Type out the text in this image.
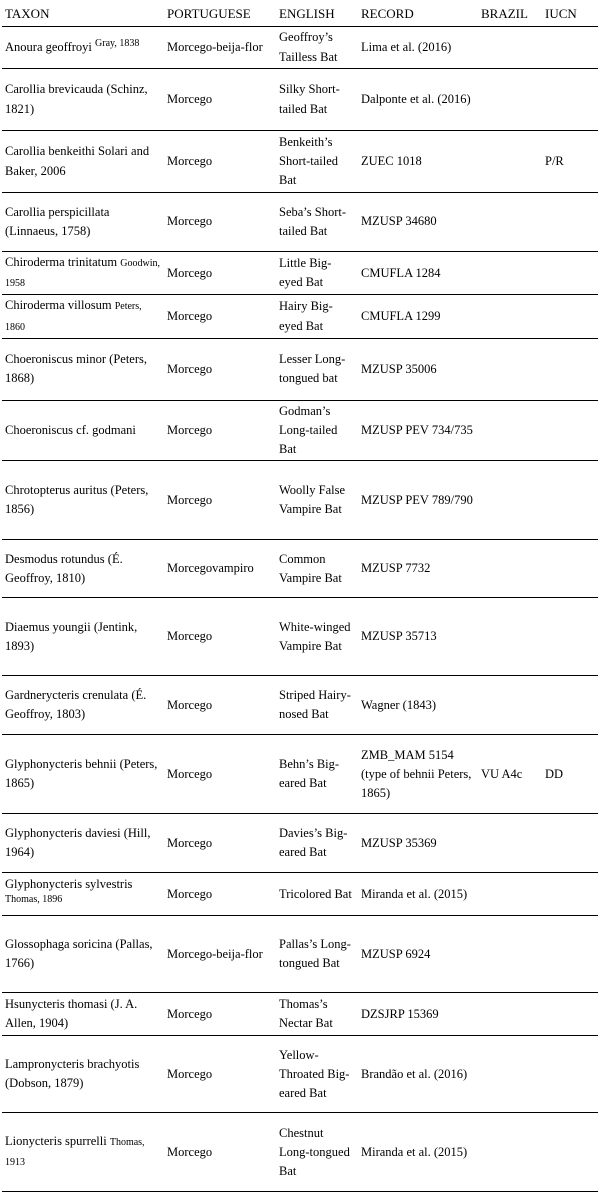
TAXON	PORTUGUESE	ENGLISH	RECORD	BRAZIL	IUCN
Anoura geoffroyi $^{Gray, 1838}$	Morcego-beija-flor	Geoffroy’s Tailless Bat	Lima et al. (2016)		
Carollia brevicauda (Schinz, 1821)	Morcego	Silky Short-tailed Bat	Dalponte et al. (2016)		
Carollia benkeithi Solari and Baker, 2006	Morcego	Benkeith’s Short-tailed Bat	ZUEC 1018		P/R
Carollia perspicillata (Linnaeus, 1758)	Morcego	Seba’s Short-tailed Bat	MZUSP 34680		
Chiroderma trinitatum Goodwin, 1958	Morcego	Little Big-eyed Bat	CMUFLA 1284		
Chiroderma villosum Peters, 1860	Morcego	Hairy Big-eyed Bat	CMUFLA 1299		
Choeroniscus minor (Peters, 1868)	Morcego	Lesser Long-tongued bat	MZUSP 35006		
Choeroniscus cf. godmani	Morcego	Godman’s Long-tailed Bat	MZUSP PEV 734/735		
Chrotopterus auritus (Peters, 1856)	Morcego	Woolly False Vampire Bat	MZUSP PEV 789/790		
Desmodus rotundus (É. Geoffroy, 1810)	Morcegovampiro	Common Vampire Bat	MZUSP 7732		
Diaemus youngii (Jentink, 1893)	Morcego	White-winged Vampire Bat	MZUSP 35713		
Gardnerycteris crenulata (É. Geoffroy, 1803)	Morcego	Striped Hairy-nosed Bat	Wagner (1843)		
Glyphonycteris behnii (Peters, 1865)	Morcego	Behn’s Big-eared Bat	ZMB_MAM 5154 (type of behnii Peters, 1865)	VU A4c	DD
Glyphonycteris daviesi (Hill, 1964)	Morcego	Davies’s Big-eared Bat	MZUSP 35369		
Glyphonycteris sylvestris $^{Thomas, 1896}$	Morcego	Tricolored Bat	Miranda et al. (2015)		
Glossophaga soricina (Pallas, 1766)	Morcego-beija-flor	Pallas’s Long-tongued Bat	MZUSP 6924		
Hsunycteris thomasi (J. A. Allen, 1904)	Morcego	Thomas’s Nectar Bat	DZSJRP 15369		
Lampronycteris brachyotis (Dobson, 1879)	Morcego	Yellow-Throated Big-eared Bat	Brandão et al. (2016)		
Lionycteris spurrelli Thomas, 1913	Morcego	Chestnut Long-tongued Bat	Miranda et al. (2015)		
